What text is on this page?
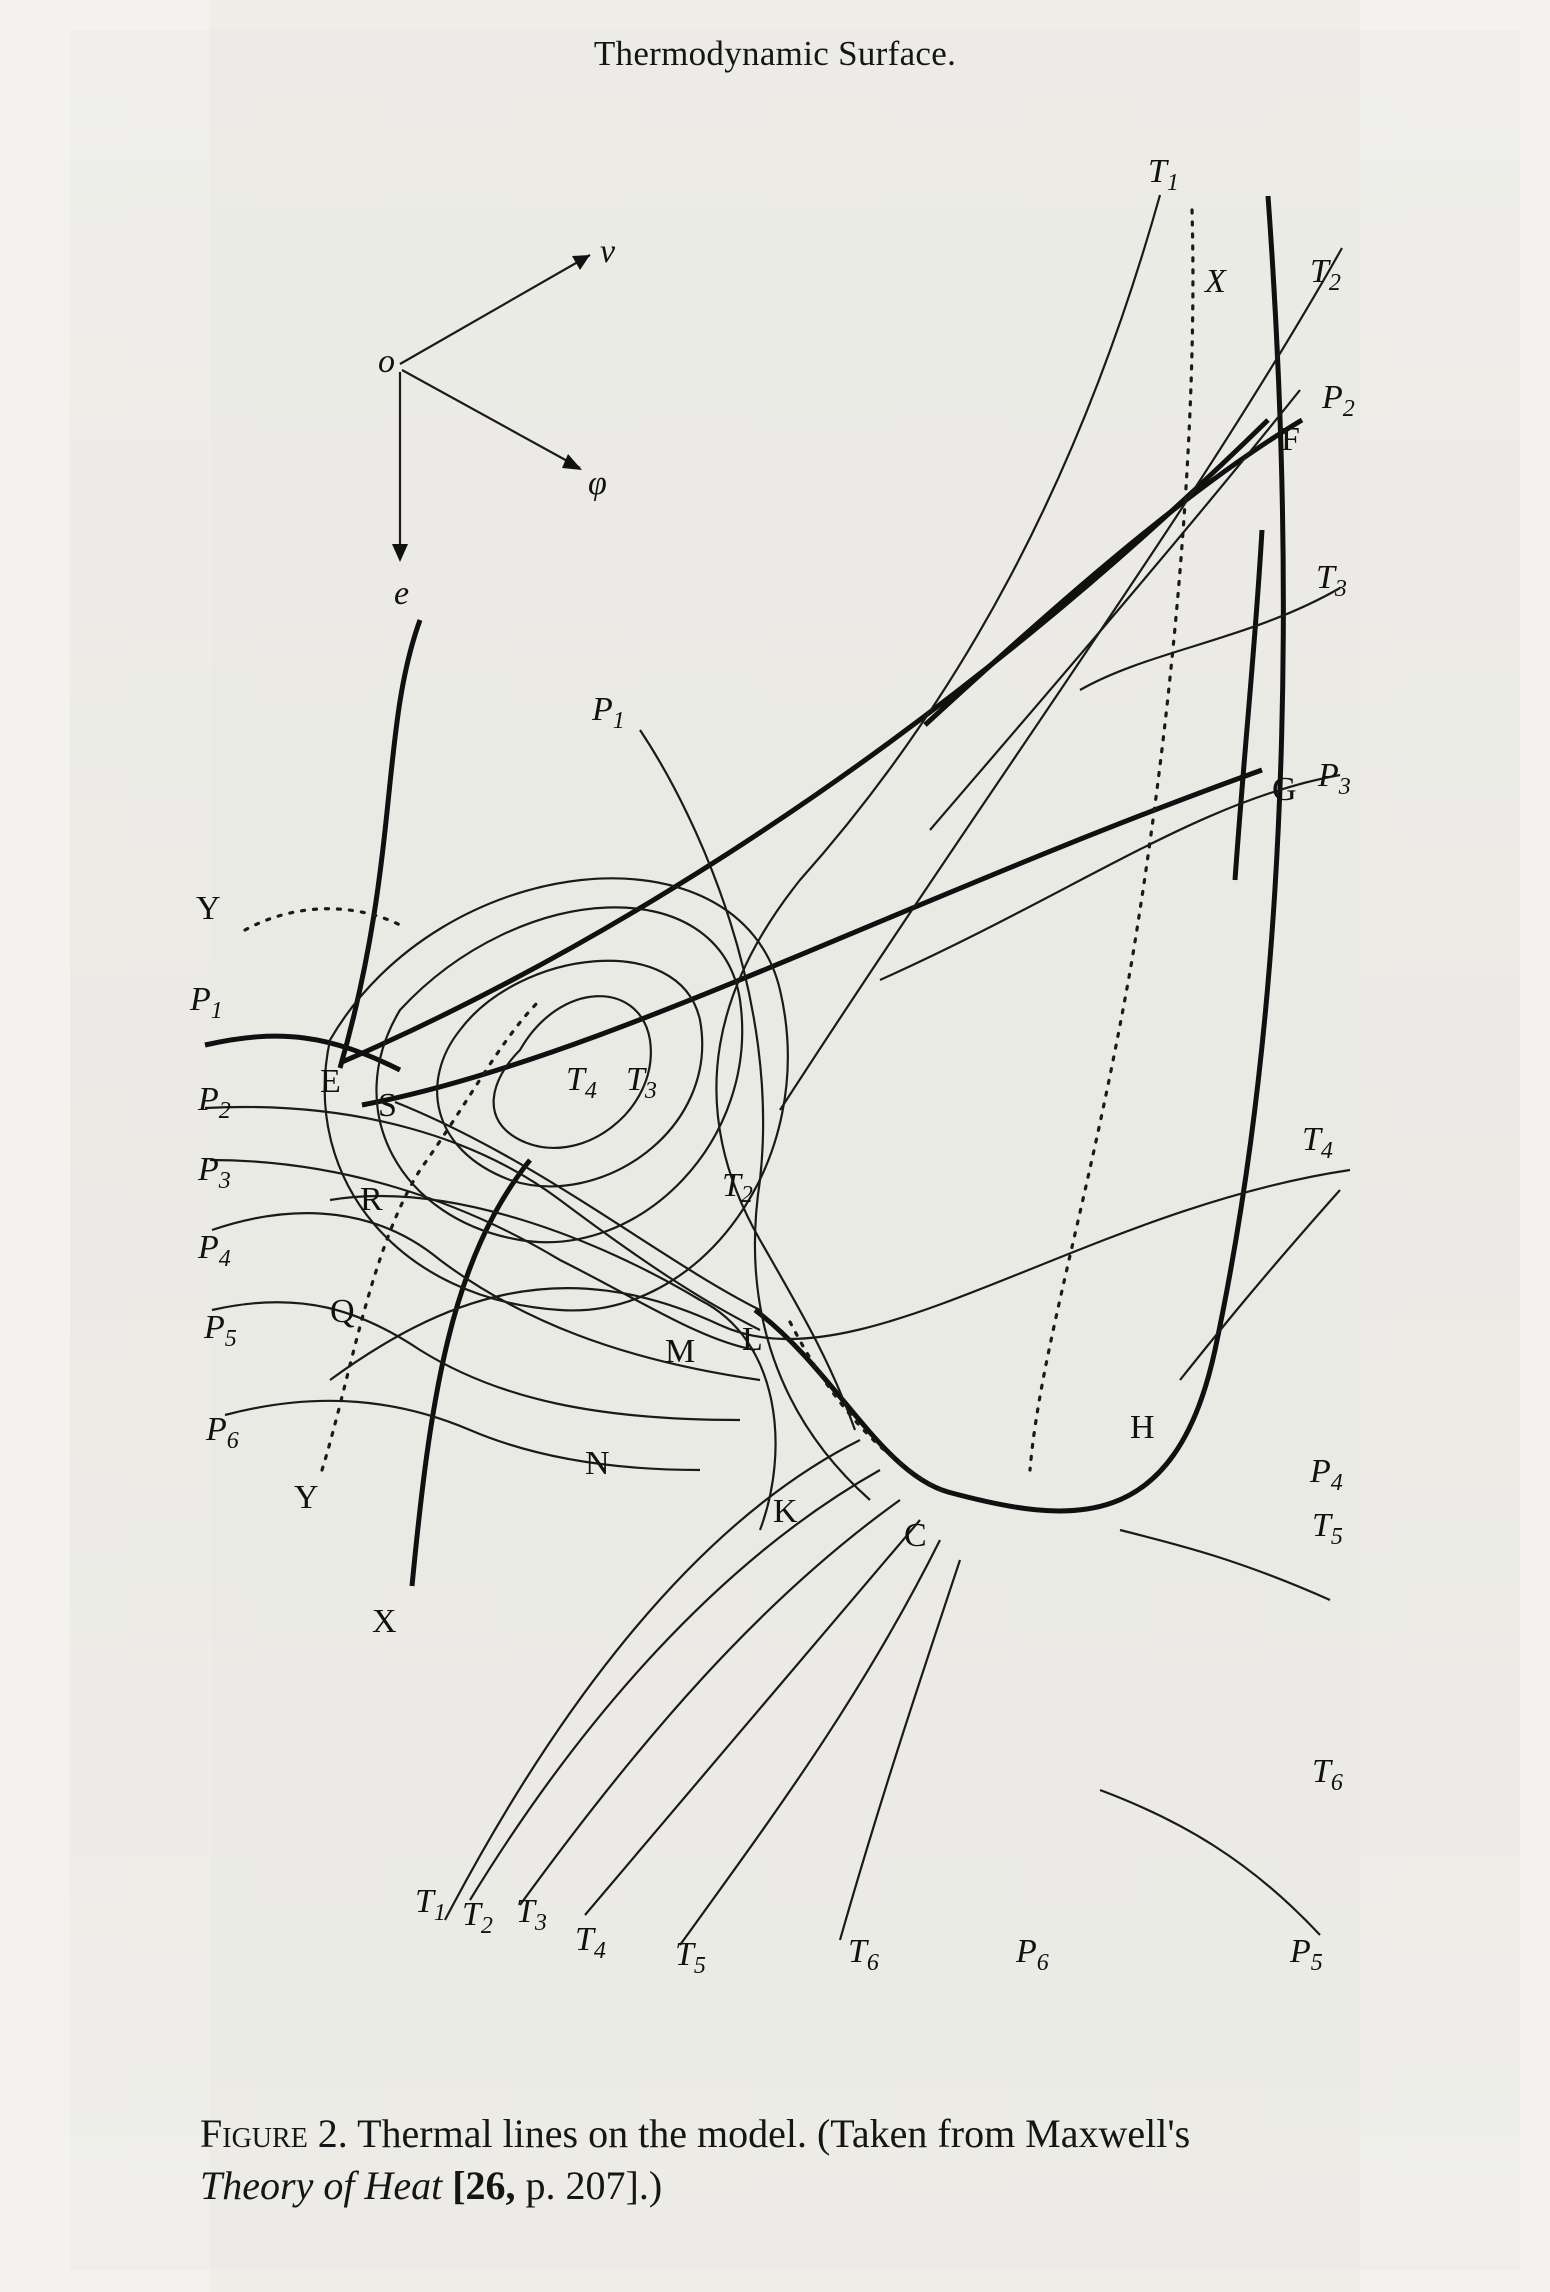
Thermodynamic Surface.
o
v
φ
e
X
F
G
Y
E
S
R
Q
M L
N
K
H
C
Y
X
$T_1$
$T_2$
$P_2$
$T_3$
$P_1$
$P_3$
$P_1$
$P_2$
$P_3$
$P_4$
$P_5$
$P_6$
$T_4$ $T_3$
T2
$T_4$
$P_4$
$T_5$
$T_6$
$T_1$ $T_2$ $T_3$ $T_4$ $T_5$	$T_6$	$P_6$	$P_5$
Figure 2. Thermal lines on the model. (Taken from Maxwell's
Theory of Heat [26, p. 207].)
